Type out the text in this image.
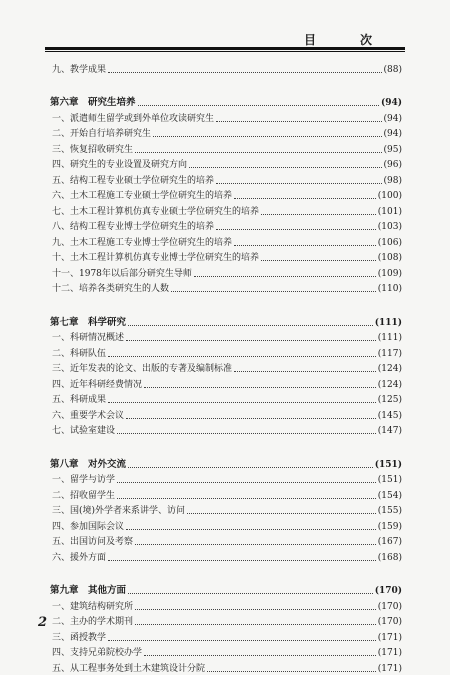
目　次
九、教学成果	(88)
第六章　研究生培养	(94)
一、派遣师生留学或到外单位攻读研究生	(94)
二、开始自行培养研究生	(94)
三、恢复招收研究生	(95)
四、研究生的专业设置及研究方向	(96)
五、结构工程专业硕士学位研究生的培养	(98)
六、土木工程施工专业硕士学位研究生的培养	(100)
七、土木工程计算机仿真专业硕士学位研究生的培养	(101)
八、结构工程专业博士学位研究生的培养	(103)
九、土木工程施工专业博士学位研究生的培养	(106)
十、土木工程计算机仿真专业博士学位研究生的培养	(108)
十一、1978年以后部分研究生导师	(109)
十二、培养各类研究生的人数	(110)
第七章　科学研究	(111)
一、科研情况概述	(111)
二、科研队伍	(117)
三、近年发表的论文、出版的专著及编制标准	(124)
四、近年科研经费情况	(124)
五、科研成果	(125)
六、重要学术会议	(145)
七、试验室建设	(147)
第八章　对外交流	(151)
一、留学与访学	(151)
二、招收留学生	(154)
三、国(境)外学者来系讲学、访问	(155)
四、参加国际会议	(159)
五、出国访问及考察	(167)
六、援外方面	(168)
第九章　其他方面	(170)
一、建筑结构研究所	(170)
二、主办的学术期刊	(170)
三、函授教学	(171)
四、支持兄弟院校办学	(171)
五、从工程事务处到土木建筑设计分院	(171)
2
